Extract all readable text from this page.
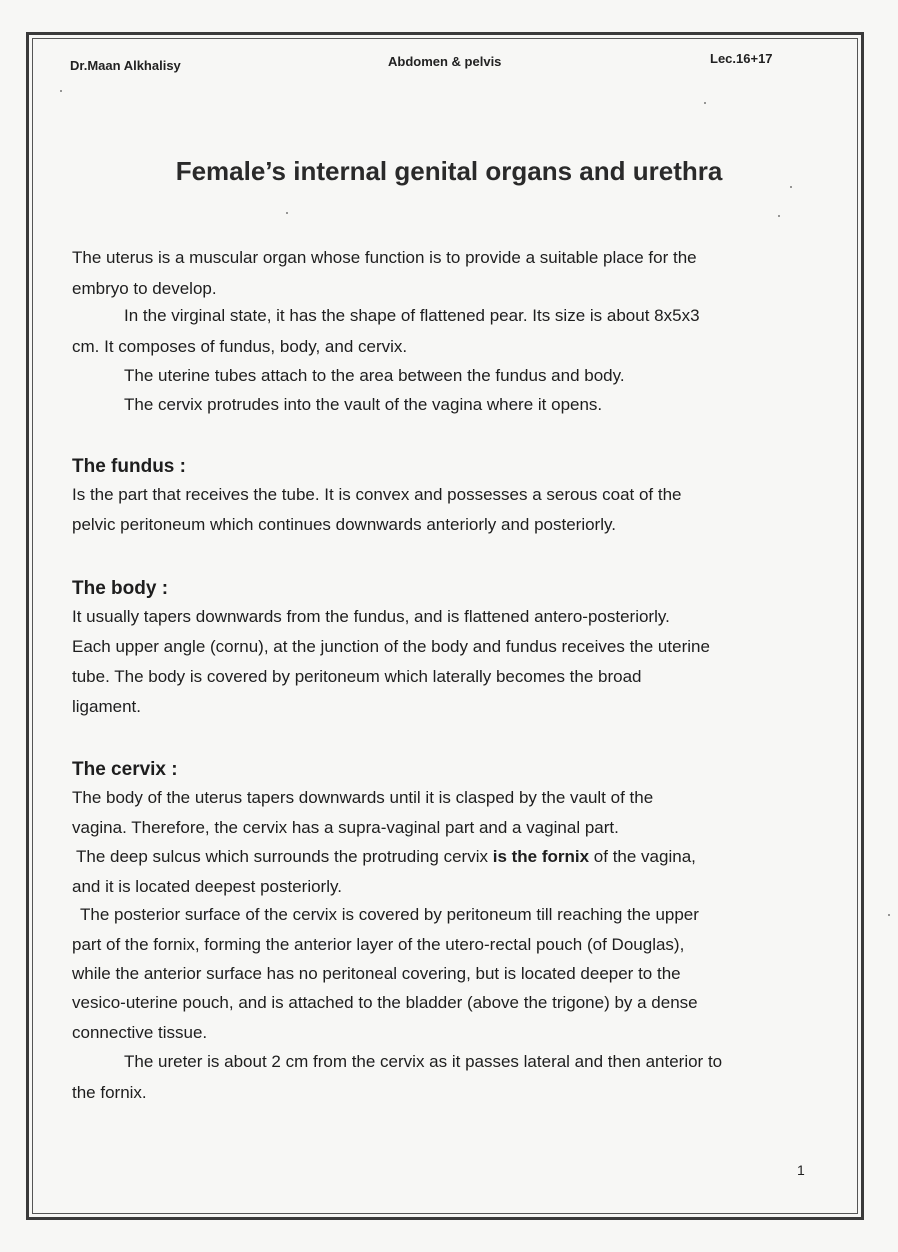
Dr.Maan Alkhalisy	Abdomen & pelvis	Lec.16+17
Female’s internal genital organs and urethra
The uterus is a muscular organ whose function is to provide a suitable place for the
embryo to develop.
In the virginal state, it has the shape of flattened pear. Its size is about 8x5x3
cm. It composes of fundus, body, and cervix.
The uterine tubes attach to the area between the fundus and body.
The cervix protrudes into the vault of the vagina where it opens.
The fundus :
Is the part that receives the tube. It is convex and possesses a serous coat of the
pelvic peritoneum which continues downwards anteriorly and posteriorly.
The body :
It usually tapers downwards from the fundus, and is flattened antero-posteriorly.
Each upper angle (cornu), at the junction of the body and fundus receives the uterine
tube. The body is covered by peritoneum which laterally becomes the broad
ligament.
The cervix :
The body of the uterus tapers downwards until it is clasped by the vault of the
vagina. Therefore, the cervix has a supra-vaginal part and a vaginal part.
The deep sulcus which surrounds the protruding cervix is the fornix of the vagina,
and it is located deepest posteriorly.
The posterior surface of the cervix is covered by peritoneum till reaching the upper
part of the fornix, forming the anterior layer of the utero-rectal pouch (of Douglas),
while the anterior surface has no peritoneal covering, but is located deeper to the
vesico-uterine pouch, and is attached to the bladder (above the trigone) by a dense
connective tissue.
The ureter is about 2 cm from the cervix as it passes lateral and then anterior to
the fornix.
1
